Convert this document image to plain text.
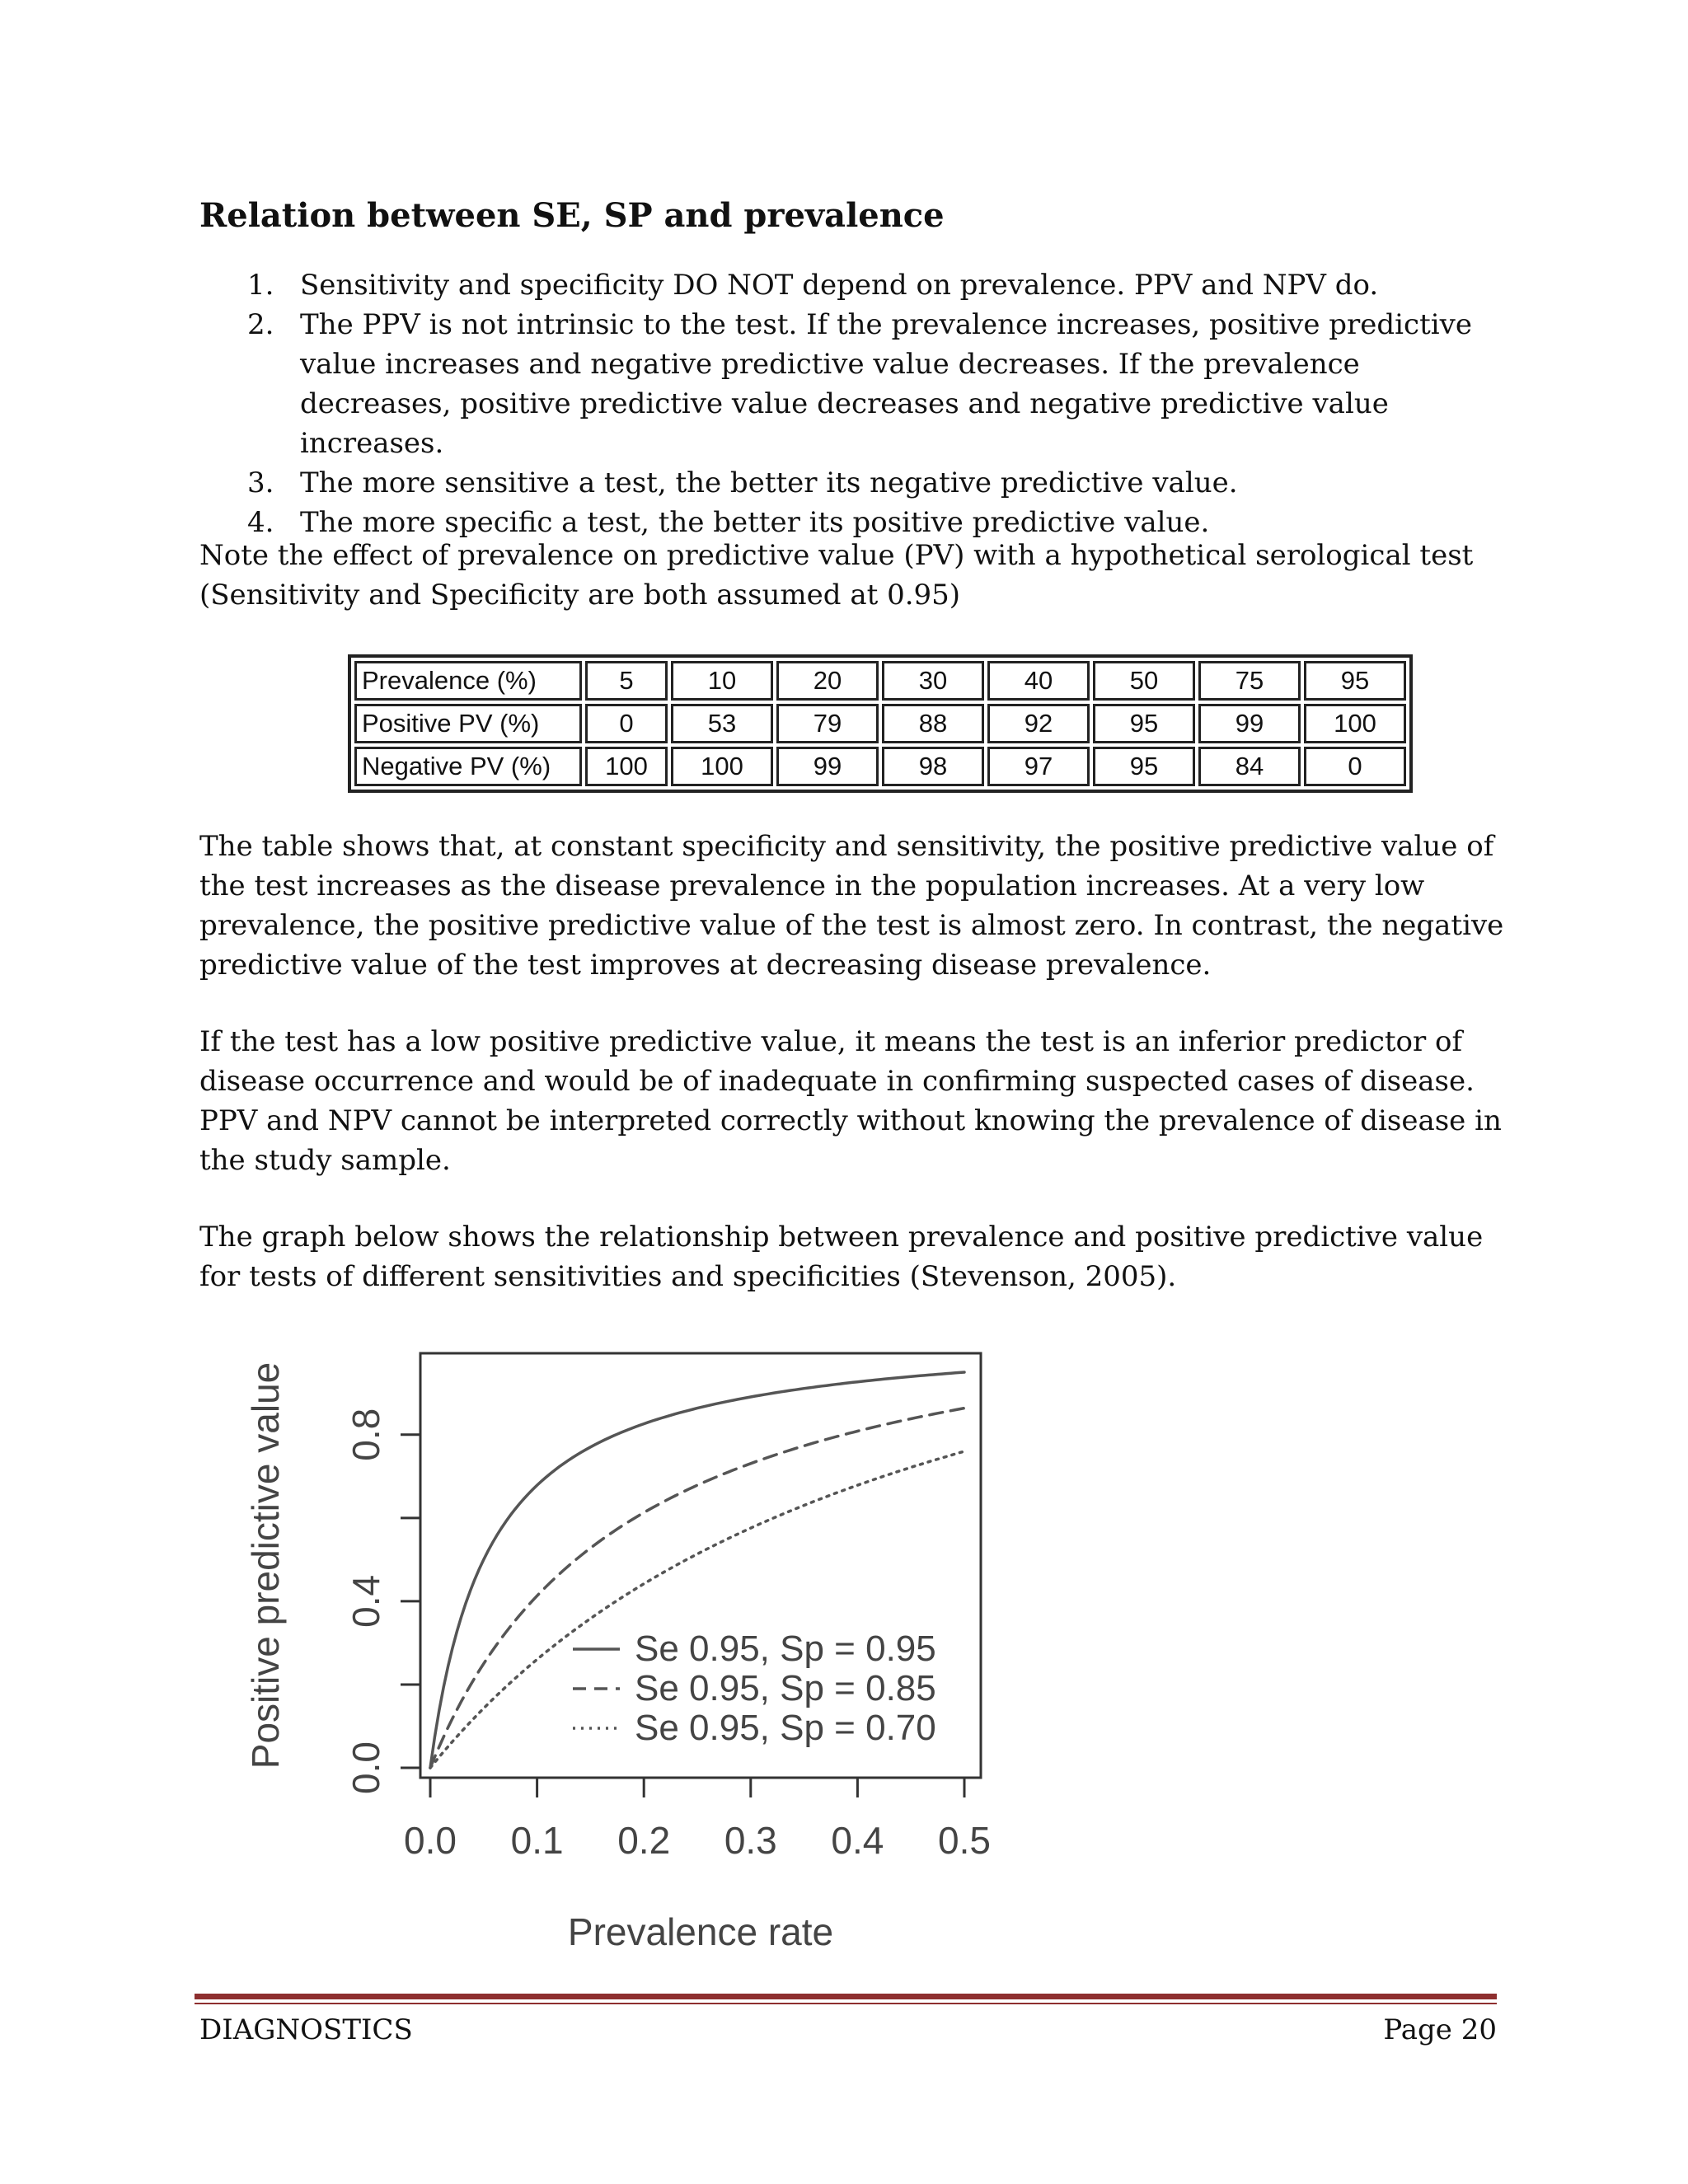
Relation between SE, SP and prevalence
1. Sensitivity and specificity DO NOT depend on prevalence. PPV and NPV do.
2. The PPV is not intrinsic to the test. If the prevalence increases, positive predictive value increases and negative predictive value decreases. If the prevalence decreases, positive predictive value decreases and negative predictive value increases.
3. The more sensitive a test, the better its negative predictive value.
4. The more specific a test, the better its positive predictive value.

Note the effect of prevalence on predictive value (PV) with a hypothetical serological test (Sensitivity and Specificity are both assumed at 0.95)

Prevalence (%)	5	10	20	30	40	50	75	95
Positive PV (%)	0	53	79	88	92	95	99	100
Negative PV (%)	100	100	99	98	97	95	84	0

The table shows that, at constant specificity and sensitivity, the positive predictive value of the test increases as the disease prevalence in the population increases. At a very low prevalence, the positive predictive value of the test is almost zero. In contrast, the negative predictive value of the test improves at decreasing disease prevalence.

If the test has a low positive predictive value, it means the test is an inferior predictor of disease occurrence and would be of inadequate in confirming suspected cases of disease. PPV and NPV cannot be interpreted correctly without knowing the prevalence of disease in the study sample.

The graph below shows the relationship between prevalence and positive predictive value for tests of different sensitivities and specificities (Stevenson, 2005).

0.0 0.1 0.2 0.3 0.4 0.5
0.0
0.4
0.8
Prevalence rate
Positive predictive value	Se 0.95, Sp = 0.95
Se 0.95, Sp = 0.85
Se 0.95, Sp = 0.70
DIAGNOSTICS	Page 20
